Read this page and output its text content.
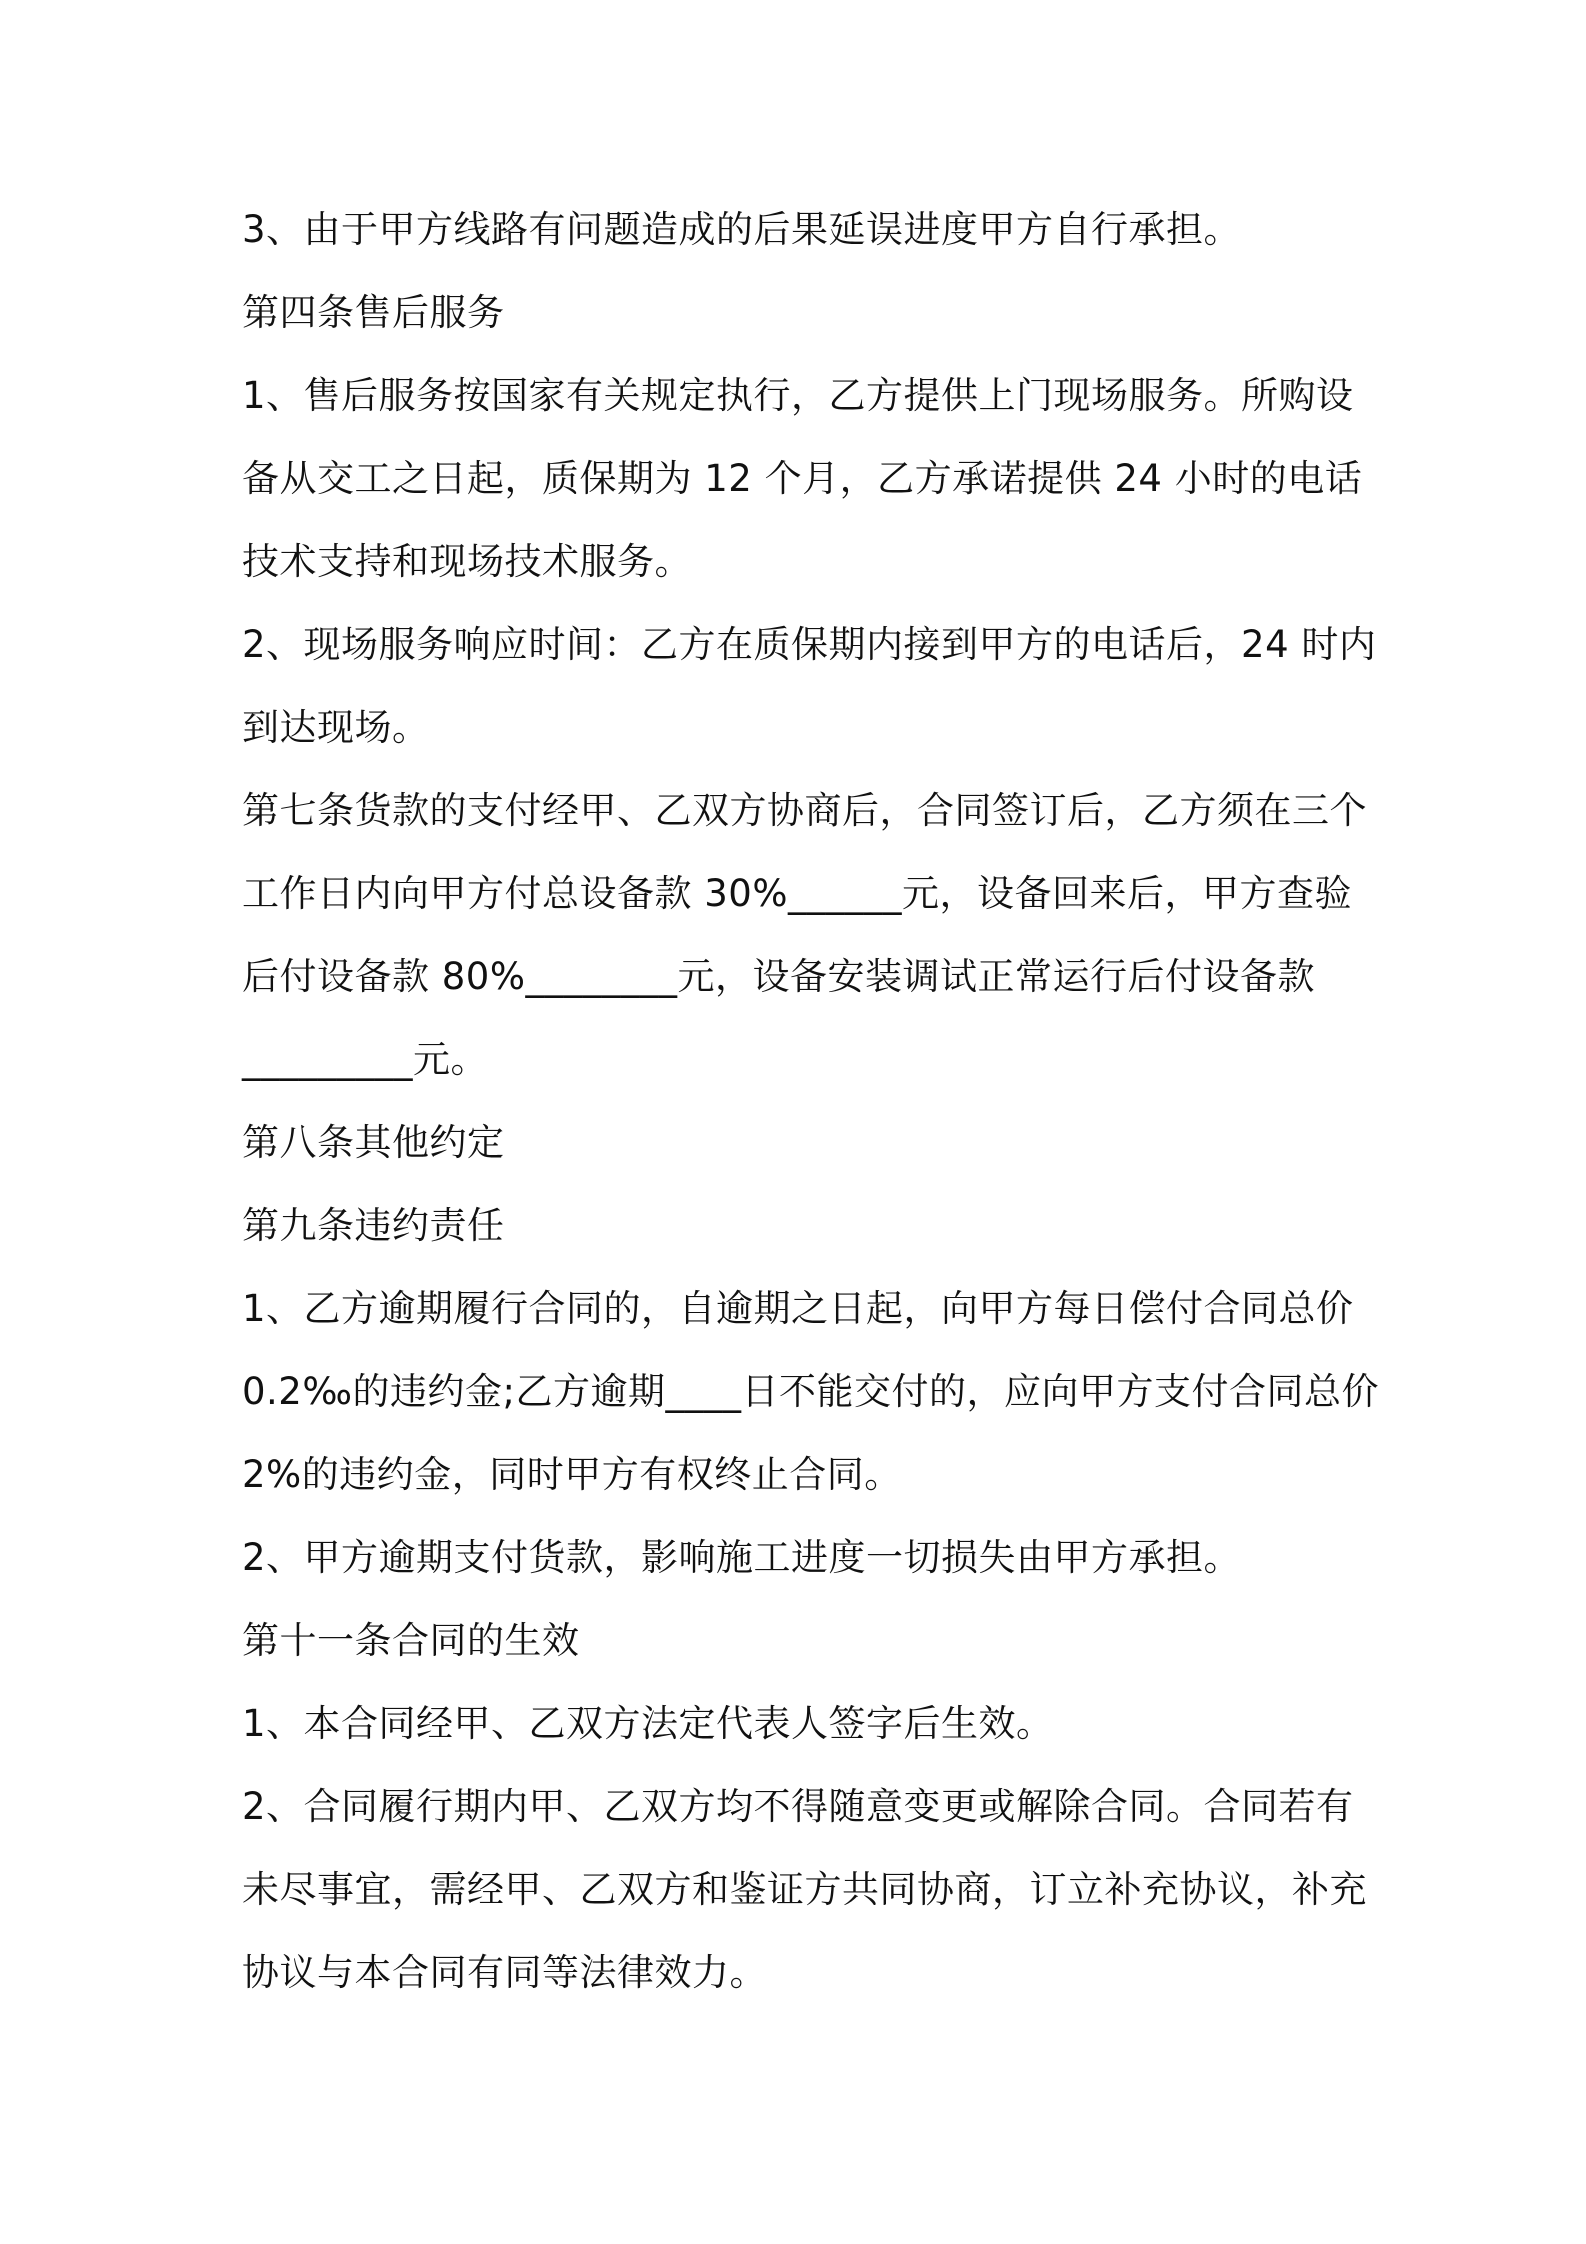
3、由于甲方线路有问题造成的后果延误进度甲方自行承担。
第四条售后服务
1、售后服务按国家有关规定执行，乙方提供上门现场服务。所购设
备从交工之日起，质保期为 12 个月，乙方承诺提供 24 小时的电话
技术支持和现场技术服务。
2、现场服务响应时间：乙方在质保期内接到甲方的电话后，24 时内
到达现场。
第七条货款的支付经甲、乙双方协商后，合同签订后，乙方须在三个
工作日内向甲方付总设备款 30%______元，设备回来后，甲方查验
后付设备款 80%________元，设备安装调试正常运行后付设备款
_________元。
第八条其他约定
第九条违约责任
1、乙方逾期履行合同的，自逾期之日起，向甲方每日偿付合同总价
0.2‰的违约金;乙方逾期____日不能交付的，应向甲方支付合同总价
2%的违约金，同时甲方有权终止合同。
2、甲方逾期支付货款，影响施工进度一切损失由甲方承担。
第十一条合同的生效
1、本合同经甲、乙双方法定代表人签字后生效。
2、合同履行期内甲、乙双方均不得随意变更或解除合同。合同若有
未尽事宜，需经甲、乙双方和鉴证方共同协商，订立补充协议，补充
协议与本合同有同等法律效力。
